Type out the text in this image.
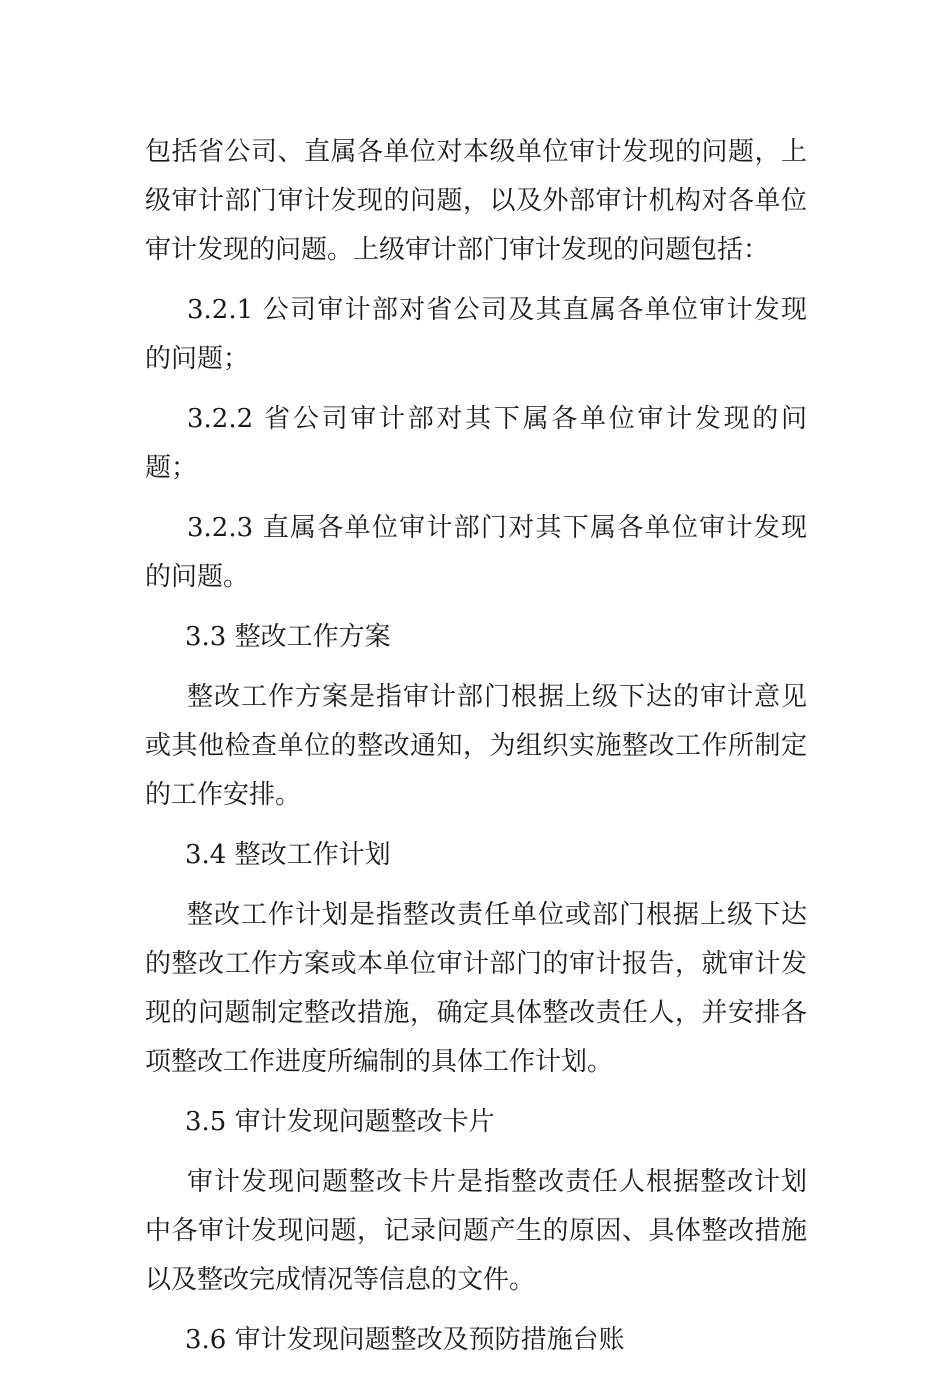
包括省公司、直属各单位对本级单位审计发现的问题，上级审计部门审计发现的问题，以及外部审计机构对各单位审计发现的问题。上级审计部门审计发现的问题包括：

3.2.1 公司审计部对省公司及其直属各单位审计发现的问题；

3.2.2 省公司审计部对其下属各单位审计发现的问题；

3.2.3 直属各单位审计部门对其下属各单位审计发现的问题。

3.3 整改工作方案

整改工作方案是指审计部门根据上级下达的审计意见或其他检查单位的整改通知，为组织实施整改工作所制定的工作安排。

3.4 整改工作计划

整改工作计划是指整改责任单位或部门根据上级下达的整改工作方案或本单位审计部门的审计报告，就审计发现的问题制定整改措施，确定具体整改责任人，并安排各项整改工作进度所编制的具体工作计划。

3.5 审计发现问题整改卡片

审计发现问题整改卡片是指整改责任人根据整改计划中各审计发现问题，记录问题产生的原因、具体整改措施以及整改完成情况等信息的文件。

3.6 审计发现问题整改及预防措施台账
